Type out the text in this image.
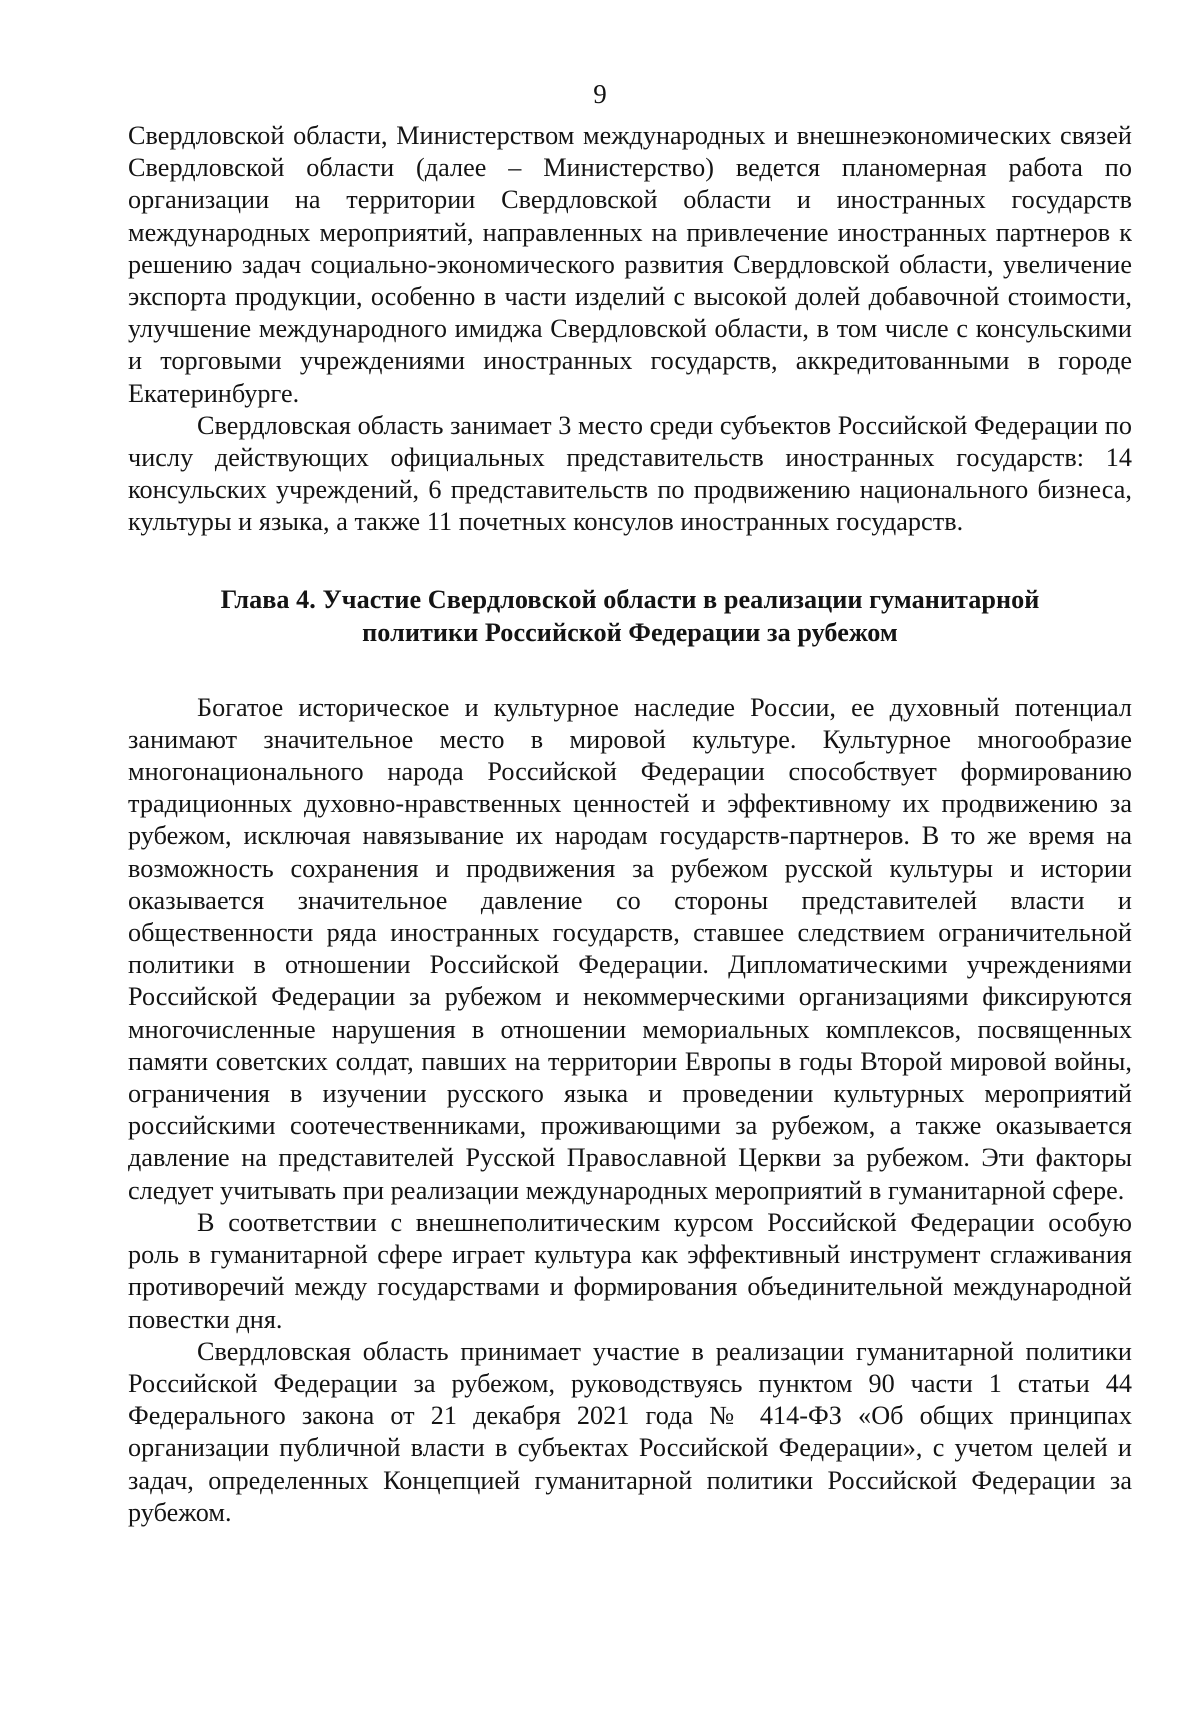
9

Свердловской области, Министерством международных и внешнеэкономических связей Свердловской области (далее – Министерство) ведется планомерная работа по организации на территории Свердловской области и иностранных государств международных мероприятий, направленных на привлечение иностранных партнеров к решению задач социально-экономического развития Свердловской области, увеличение экспорта продукции, особенно в части изделий с высокой долей добавочной стоимости, улучшение международного имиджа Свердловской области, в том числе с консульскими и торговыми учреждениями иностранных государств, аккредитованными в городе Екатеринбурге.

Свердловская область занимает 3 место среди субъектов Российской Федерации по числу действующих официальных представительств иностранных государств: 14 консульских учреждений, 6 представительств по продвижению национального бизнеса, культуры и языка, а также 11 почетных консулов иностранных государств.

Глава 4. Участие Свердловской области в реализации гуманитарной
политики Российской Федерации за рубежом

Богатое историческое и культурное наследие России, ее духовный потенциал занимают значительное место в мировой культуре. Культурное многообразие многонационального народа Российской Федерации способствует формированию традиционных духовно-нравственных ценностей и эффективному их продвижению за рубежом, исключая навязывание их народам государств-партнеров. В то же время на возможность сохранения и продвижения за рубежом русской культуры и истории оказывается значительное давление со стороны представителей власти и общественности ряда иностранных государств, ставшее следствием ограничительной политики в отношении Российской Федерации. Дипломатическими учреждениями Российской Федерации за рубежом и некоммерческими организациями фиксируются многочисленные нарушения в отношении мемориальных комплексов, посвященных памяти советских солдат, павших на территории Европы в годы Второй мировой войны, ограничения в изучении русского языка и проведении культурных мероприятий российскими соотечественниками, проживающими за рубежом, а также оказывается давление на представителей Русской Православной Церкви за рубежом. Эти факторы следует учитывать при реализации международных мероприятий в гуманитарной сфере.

В соответствии с внешнеполитическим курсом Российской Федерации особую роль в гуманитарной сфере играет культура как эффективный инструмент сглаживания противоречий между государствами и формирования объединительной международной повестки дня.

Свердловская область принимает участие в реализации гуманитарной политики Российской Федерации за рубежом, руководствуясь пунктом 90 части 1 статьи 44 Федерального закона от 21 декабря 2021 года № 414-ФЗ «Об общих принципах организации публичной власти в субъектах Российской Федерации», с учетом целей и задач, определенных Концепцией гуманитарной политики Российской Федерации за рубежом.
